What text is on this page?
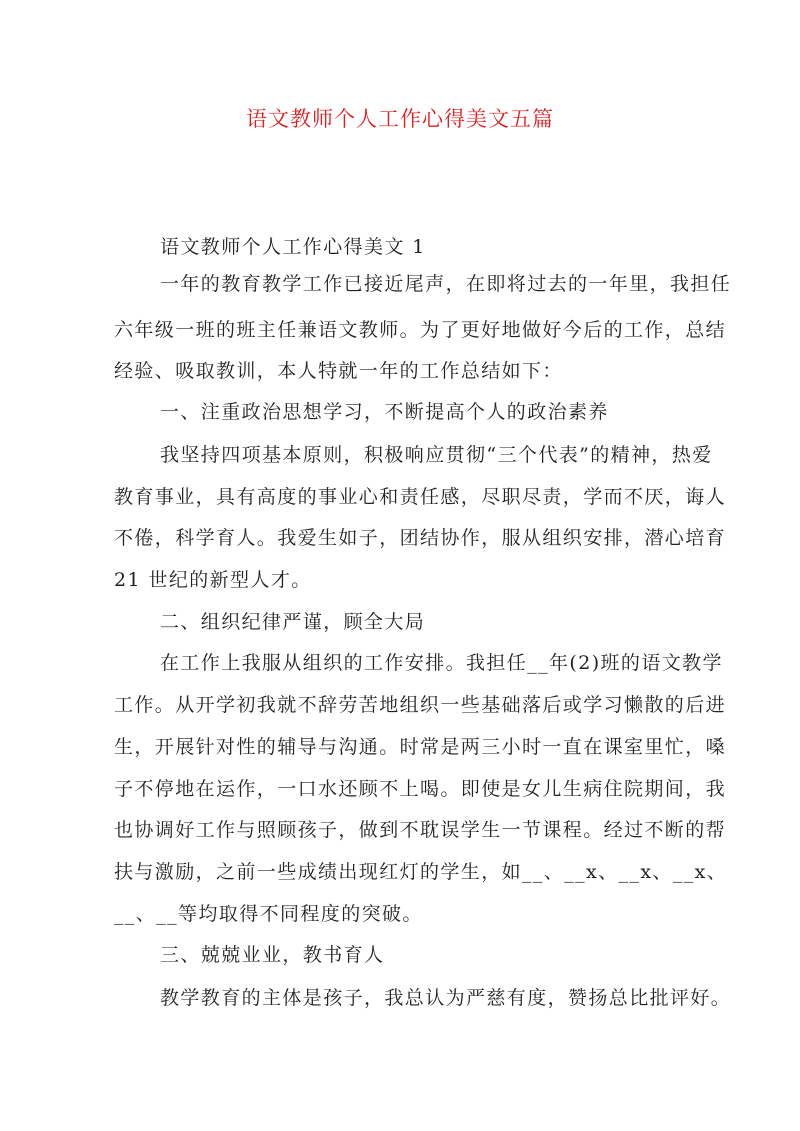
语文教师个人工作心得美文五篇
语文教师个人工作心得美文 1
一年的教育教学工作已接近尾声，在即将过去的一年里，我担任
六年级一班的班主任兼语文教师。为了更好地做好今后的工作，总结
经验、吸取教训，本人特就一年的工作总结如下：
一、注重政治思想学习，不断提高个人的政治素养
我坚持四项基本原则，积极响应贯彻“三个代表”的精神，热爱
教育事业，具有高度的事业心和责任感，尽职尽责，学而不厌，诲人
不倦，科学育人。我爱生如子，团结协作，服从组织安排，潜心培育
21 世纪的新型人才。
二、组织纪律严谨，顾全大局
在工作上我服从组织的工作安排。我担任__年(2)班的语文教学
工作。从开学初我就不辞劳苦地组织一些基础落后或学习懒散的后进
生，开展针对性的辅导与沟通。时常是两三小时一直在课室里忙，嗓
子不停地在运作，一口水还顾不上喝。即使是女儿生病住院期间，我
也协调好工作与照顾孩子，做到不耽误学生一节课程。经过不断的帮
扶与激励，之前一些成绩出现红灯的学生，如__、__x、__x、__x、
__、__等均取得不同程度的突破。
三、兢兢业业，教书育人
教学教育的主体是孩子，我总认为严慈有度，赞扬总比批评好。
